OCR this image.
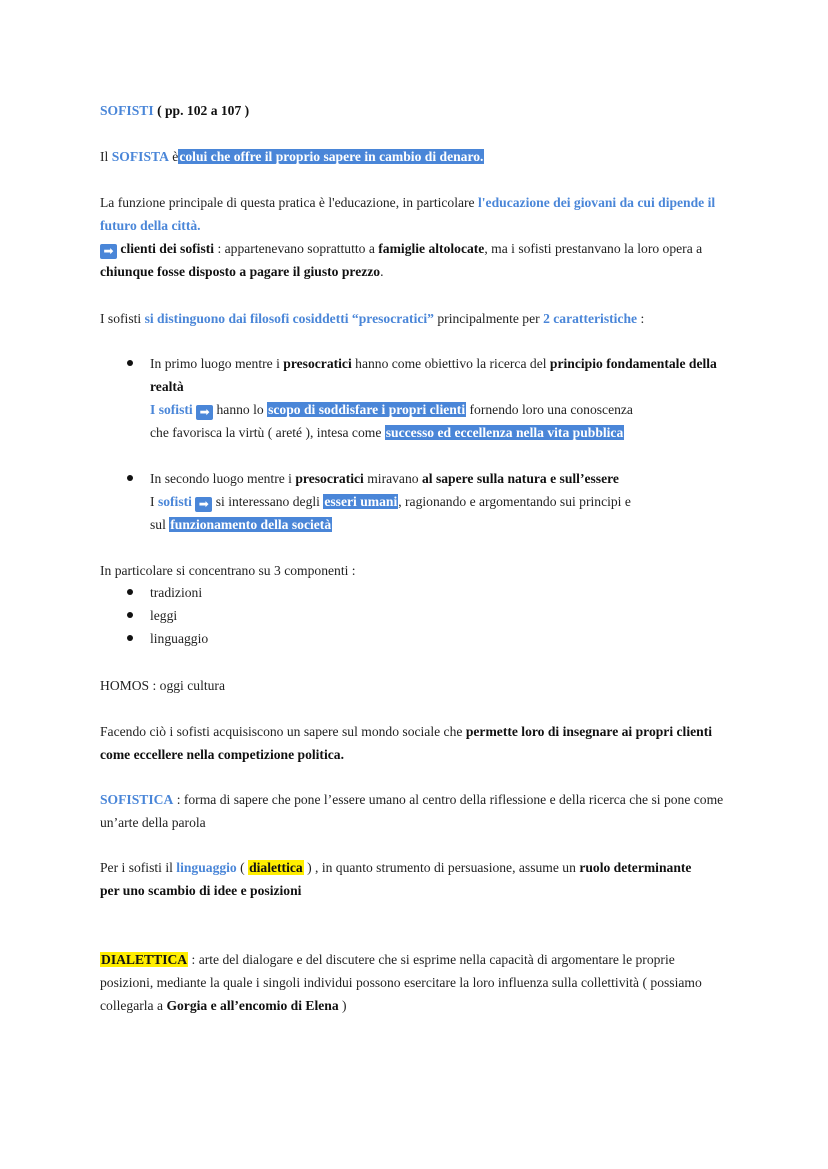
SOFISTI ( pp. 102 a 107 )

Il SOFISTA ècolui che offre il proprio sapere in cambio di denaro.

La funzione principale di questa pratica è l'educazione, in particolare l'educazione dei giovani da cui dipende il futuro della città.
➡ clienti dei sofisti : appartenevano soprattutto a famiglie altolocate, ma i sofisti prestanvano la loro opera a chiunque fosse disposto a pagare il giusto prezzo.

I sofisti si distinguono dai filosofi cosiddetti “presocratici” principalmente per 2 caratteristiche :

In primo luogo mentre i presocratici hanno come obiettivo la ricerca del principio fondamentale della realtà
I sofisti ➡ hanno lo scopo di soddisfare i propri clienti fornendo loro una conoscenza
che favorisca la virtù ( areté ), intesa come successo ed eccellenza nella vita pubblica

In secondo luogo mentre i presocratici miravano al sapere sulla natura e sull’essere
I sofisti ➡ si interessano degli esseri umani, ragionando e argomentando sui principi e
sul funzionamento della società

In particolare si concentrano su 3 componenti :

tradizioni

leggi

linguaggio

HOMOS : oggi cultura

Facendo ciò i sofisti acquisiscono un sapere sul mondo sociale che permette loro di insegnare ai propri clienti come eccellere nella competizione politica.

SOFISTICA : forma di sapere che pone l’essere umano al centro della riflessione e della ricerca che si pone come un’arte della parola

Per i sofisti il linguaggio ( dialettica ) , in quanto strumento di persuasione, assume un ruolo determinante per uno scambio di idee e posizioni

DIALETTICA : arte del dialogare e del discutere che si esprime nella capacità di argomentare le proprie posizioni, mediante la quale i singoli individui possono esercitare la loro influenza sulla collettività ( possiamo collegarla a Gorgia e all’encomio di Elena )
